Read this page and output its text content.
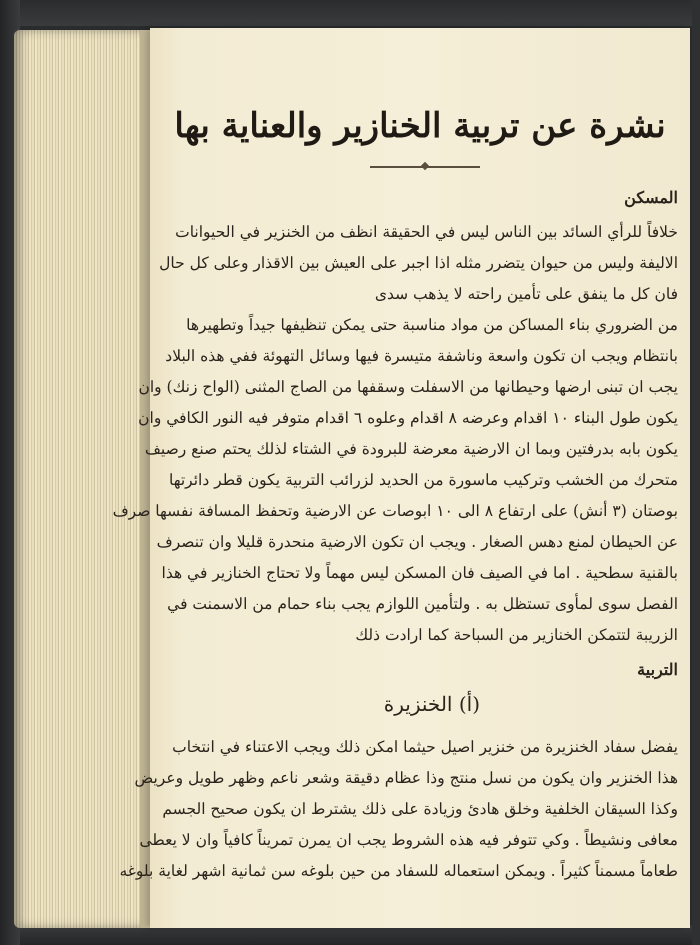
نشرة عن تربية الخنازير والعناية بها
المسكن
خلافاً للرأي السائد بين الناس ليس في الحقيقة انظف من الخنزير في الحيوانات
الاليفة وليس من حيوان يتضرر مثله اذا اجبر على العيش بين الاقذار وعلى كل حال
فان كل ما ينفق على تأمين راحته لا يذهب سدى
من الضروري بناء المساكن من مواد مناسبة حتى يمكن تنظيفها جيداً وتطهيرها
بانتظام ويجب ان تكون واسعة وناشفة متيسرة فيها وسائل التهوئة ففي هذه البلاد
يجب ان تبنى ارضها وحيطانها من الاسفلت وسقفها من الصاج المثنى (الواح زنك) وان
يكون طول البناء ١٠ اقدام وعرضه ٨ اقدام وعلوه ٦ اقدام متوفر فيه النور الكافي وان
يكون بابه بدرفتين وبما ان الارضية معرضة للبرودة في الشتاء لذلك يحتم صنع رصيف
متحرك من الخشب وتركيب ماسورة من الحديد لزرائب التربية يكون قطر دائرتها
بوصتان (٣ أنش) على ارتفاع ٨ الى ١٠ ابوصات عن الارضية وتحفظ المسافة نفسها صرف
عن الحيطان لمنع دهس الصغار . ويجب ان تكون الارضية منحدرة قليلا وان تنصرف
بالقنية سطحية . اما في الصيف فان المسكن ليس مهماً ولا تحتاج الخنازير في هذا
الفصل سوى لمأوى تستظل به . ولتأمين اللوازم يجب بناء حمام من الاسمنت في
الزريبة لتتمكن الخنازير من السباحة كما ارادت ذلك
التربية
(أ) الخنزيرة
يفضل سفاد الخنزيرة من خنزير اصيل حيثما امكن ذلك ويجب الاعتناء في انتخاب
هذا الخنزير وان يكون من نسل منتج وذا عظام دقيقة وشعر ناعم وظهر طويل وعريض
وكذا السيقان الخلفية وخلق هادئ وزيادة على ذلك يشترط ان يكون صحيح الجسم
معافى ونشيطاً . وكي تتوفر فيه هذه الشروط يجب ان يمرن تمريناً كافياً وان لا يعطى
طعاماً مسمناً كثيراً . ويمكن استعماله للسفاد من حين بلوغه سن ثمانية اشهر لغاية بلوغه
